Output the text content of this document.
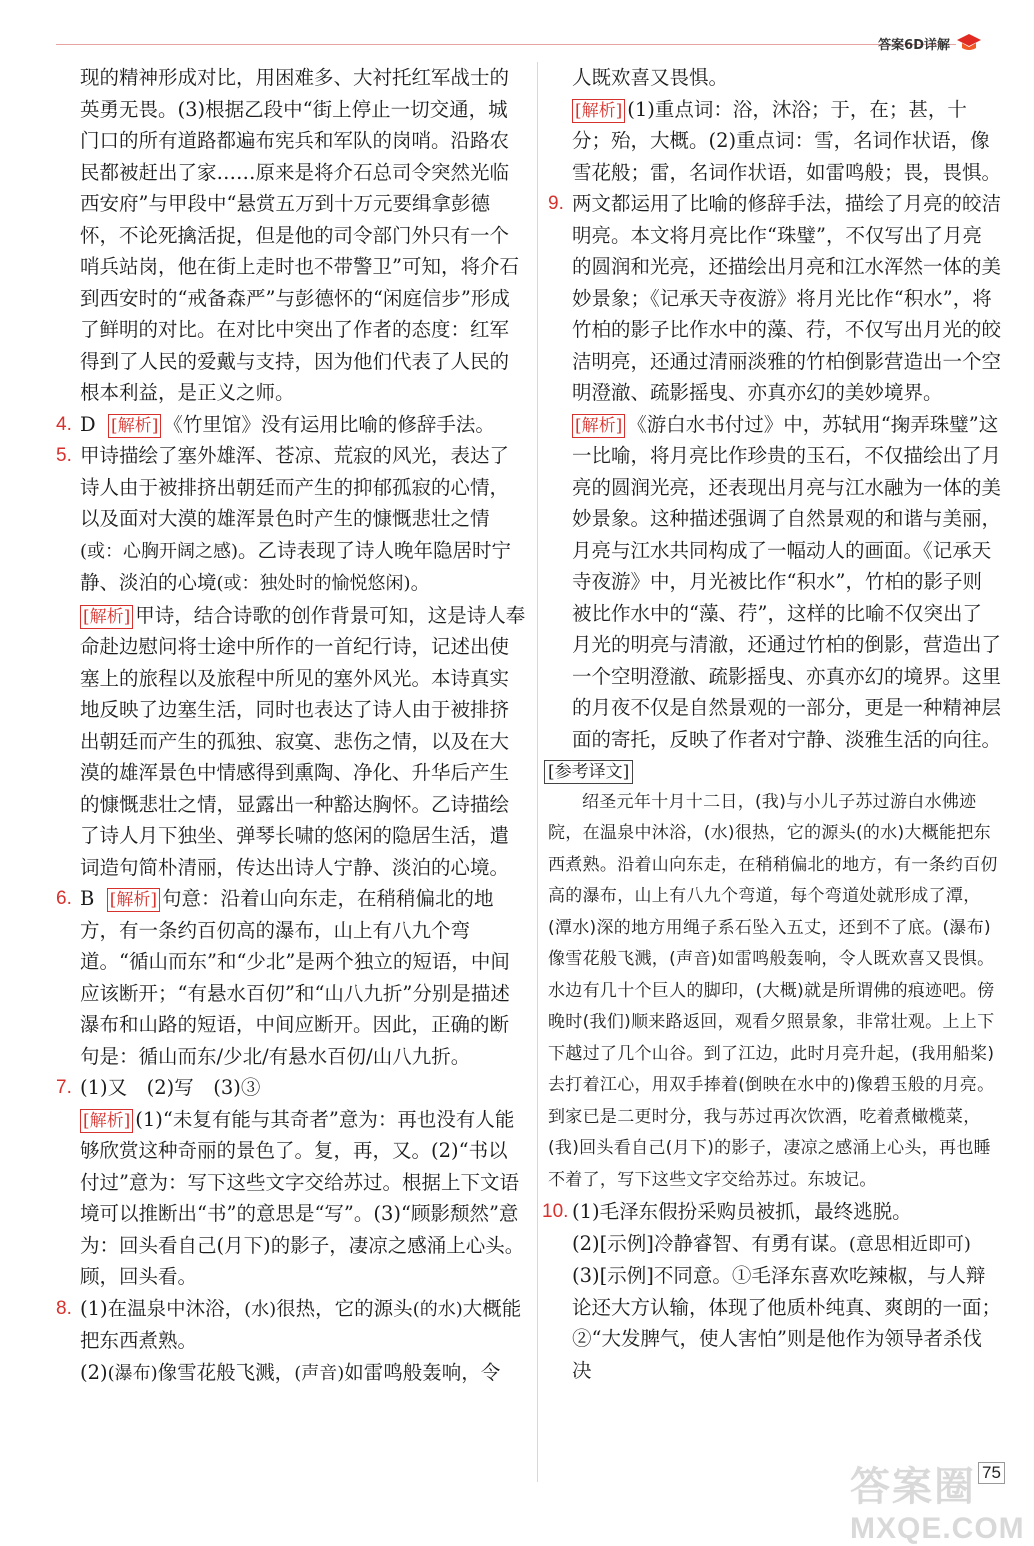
答案6D详解

现的精神形成对比，用困难多、大衬托红军战士的英勇无畏。(3)根据乙段中“街上停止一切交通，城门口的所有道路都遍布宪兵和军队的岗哨。沿路农民都被赶出了家……原来是将介石总司令突然光临西安府”与甲段中“悬赏五万到十万元要缉拿彭德怀，不论死擒活捉，但是他的司令部门外只有一个哨兵站岗，他在街上走时也不带警卫”可知，将介石到西安时的“戒备森严”与彭德怀的“闲庭信步”形成了鲜明的对比。在对比中突出了作者的态度：红军得到了人民的爱戴与支持，因为他们代表了人民的根本利益，是正义之师。

4. D [解析] 《竹里馆》没有运用比喻的修辞手法。

5. 甲诗描绘了塞外雄浑、苍凉、荒寂的风光，表达了诗人由于被排挤出朝廷而产生的抑郁孤寂的心情，以及面对大漠的雄浑景色时产生的慷慨悲壮之情(或：心胸开阔之感)。乙诗表现了诗人晚年隐居时宁静、淡泊的心境(或：独处时的愉悦悠闲)。

[解析] 甲诗，结合诗歌的创作背景可知，这是诗人奉命赴边慰问将士途中所作的一首纪行诗，记述出使塞上的旅程以及旅程中所见的塞外风光。本诗真实地反映了边塞生活，同时也表达了诗人由于被排挤出朝廷而产生的孤独、寂寞、悲伤之情，以及在大漠的雄浑景色中情感得到熏陶、净化、升华后产生的慷慨悲壮之情，显露出一种豁达胸怀。乙诗描绘了诗人月下独坐、弹琴长啸的悠闲的隐居生活，遣词造句简朴清丽，传达出诗人宁静、淡泊的心境。

6. B [解析] 句意：沿着山向东走，在稍稍偏北的地方，有一条约百仞高的瀑布，山上有八九个弯道。“循山而东”和“少北”是两个独立的短语，中间应该断开；“有悬水百仞”和“山八九折”分别是描述瀑布和山路的短语，中间应断开。因此，正确的断句是：循山而东/少北/有悬水百仞/山八九折。

7. (1)又　(2)写　(3)③

[解析] (1)“未复有能与其奇者”意为：再也没有人能够欣赏这种奇丽的景色了。复，再，又。(2)“书以付过”意为：写下这些文字交给苏过。根据上下文语境可以推断出“书”的意思是“写”。(3)“顾影颓然”意为：回头看自己(月下)的影子，凄凉之感涌上心头。顾，回头看。

8. (1)在温泉中沐浴，(水)很热，它的源头(的水)大概能把东西煮熟。

(2)(瀑布)像雪花般飞溅，(声音)如雷鸣般轰响，令

人既欢喜又畏惧。

[解析] (1)重点词：浴，沐浴；于，在；甚，十分；殆，大概。(2)重点词：雪，名词作状语，像雪花般；雷，名词作状语，如雷鸣般；畏，畏惧。

9. 两文都运用了比喻的修辞手法，描绘了月亮的皎洁明亮。本文将月亮比作“珠璧”，不仅写出了月亮的圆润和光亮，还描绘出月亮和江水浑然一体的美妙景象；《记承天寺夜游》将月光比作“积水”，将竹柏的影子比作水中的藻、荇，不仅写出月光的皎洁明亮，还通过清丽淡雅的竹柏倒影营造出一个空明澄澈、疏影摇曳、亦真亦幻的美妙境界。

[解析] 《游白水书付过》中，苏轼用“掬弄珠璧”这一比喻，将月亮比作珍贵的玉石，不仅描绘出了月亮的圆润光亮，还表现出月亮与江水融为一体的美妙景象。这种描述强调了自然景观的和谐与美丽，月亮与江水共同构成了一幅动人的画面。《记承天寺夜游》中，月光被比作“积水”，竹柏的影子则被比作水中的“藻、荇”，这样的比喻不仅突出了月光的明亮与清澈，还通过竹柏的倒影，营造出了一个空明澄澈、疏影摇曳、亦真亦幻的境界。这里的月夜不仅是自然景观的一部分，更是一种精神层面的寄托，反映了作者对宁静、淡雅生活的向往。

[参考译文]

绍圣元年十月十二日，(我)与小儿子苏过游白水佛迹院，在温泉中沐浴，(水)很热，它的源头(的水)大概能把东西煮熟。沿着山向东走，在稍稍偏北的地方，有一条约百仞高的瀑布，山上有八九个弯道，每个弯道处就形成了潭，(潭水)深的地方用绳子系石坠入五丈，还到不了底。(瀑布)像雪花般飞溅，(声音)如雷鸣般轰响，令人既欢喜又畏惧。水边有几十个巨人的脚印，(大概)就是所谓佛的痕迹吧。傍晚时(我们)顺来路返回，观看夕照景象，非常壮观。上上下下越过了几个山谷。到了江边，此时月亮升起，(我用船桨)去打着江心，用双手捧着(倒映在水中的)像碧玉般的月亮。到家已是二更时分，我与苏过再次饮酒，吃着煮橄榄菜，(我)回头看自己(月下)的影子，凄凉之感涌上心头，再也睡不着了，写下这些文字交给苏过。东坡记。

10. (1)毛泽东假扮采购员被抓，最终逃脱。

(2)[示例]冷静睿智、有勇有谋。(意思相近即可)

(3)[示例]不同意。①毛泽东喜欢吃辣椒，与人辩论还大方认输，体现了他质朴纯真、爽朗的一面；②“大发脾气，使人害怕”则是他作为领导者杀伐决

答案圈
MXQE.COM
75
